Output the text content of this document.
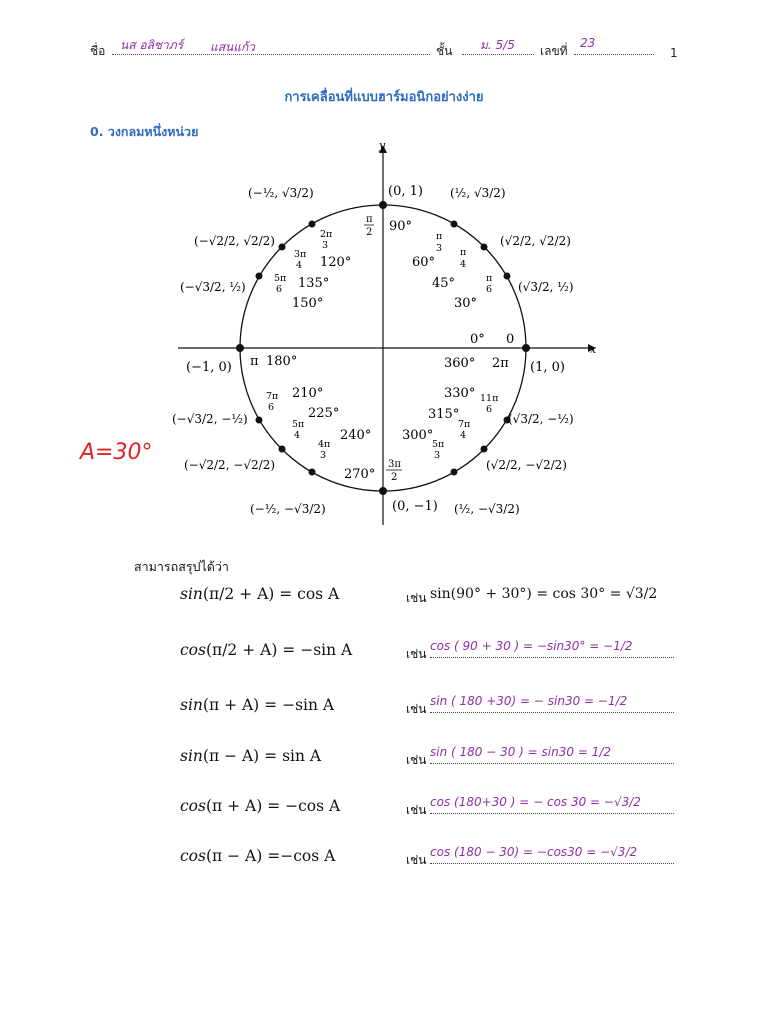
ชื่อ นส อลิชาภร์ แสนแก้ว	ชั้น ม. 5/5 เลขที่
23
1
การเคลื่อนที่แบบฮาร์มอนิกอย่างง่าย
0. วงกลมหนึ่งหน่วย
A=30°
x
y
(0, 1)
90°
π
2
(1, 0)
0° 0
360° 2π
(−1, 0) π 180°
(0, −1)
270°
3π
2
60°
45°
30°
120°
135°
150°
210°
225°
240°
330°
315°
300°
π
3 π
4
π
6
2π
3
3π
4
5π
6
7π
6
5π
4
4π
3
5π
3
7π
4
11π
6
(½, √3/2)
(√2/2, √2/2)
(√3/2, ½)
(−½, √3/2)
(−√2/2, √2/2)
(−√3/2, ½)
(−√3/2, −½)
(−√2/2, −√2/2)
(−½, −√3/2)
(√3/2, −½)
(√2/2, −√2/2)
(½, −√3/2)
สามารถสรุปได้ว่า
sin(π/2 + A) = cos A	เช่น sin(90° + 30°) = cos 30° = √3/2
cos(π/2 + A) = −sin A	เช่น
cos ( 90 + 30 ) = −sin30° = −1/2
sin(π + A) = −sin A	เช่น
sin ( 180 +30) = − sin30 = −1/2
sin(π − A) = sin A	เช่น
sin ( 180 − 30 ) = sin30 = 1/2
cos(π + A) = −cos A	เช่น
cos (180+30 ) = − cos 30 = −√3/2
cos(π − A) =−cos A	เช่น
cos (180 − 30) = −cos30 = −√3/2
